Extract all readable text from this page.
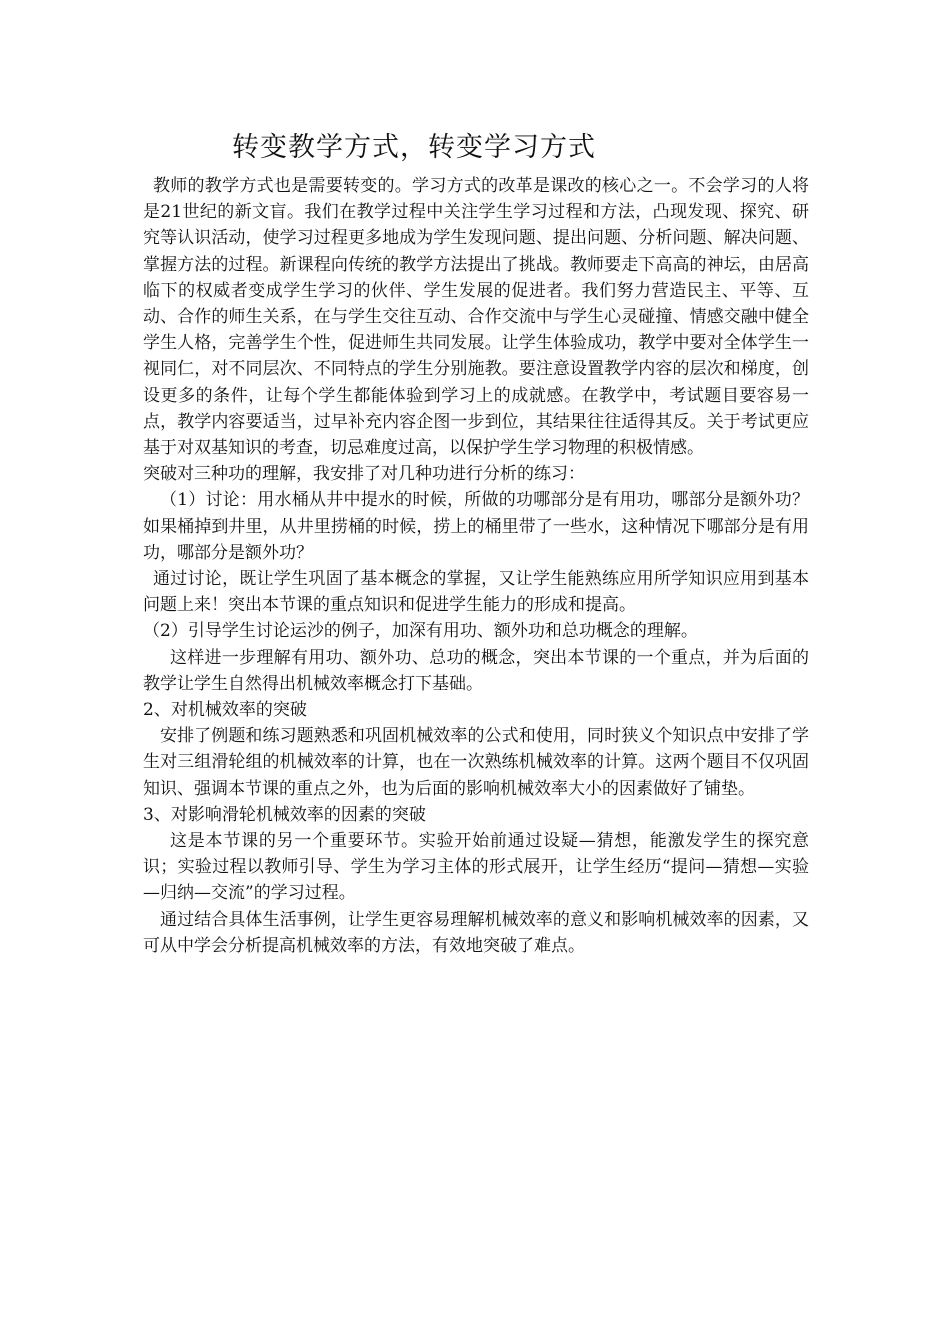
转变教学方式，转变学习方式

教师的教学方式也是需要转变的。学习方式的改革是课改的核心之一。不会学习的人将是21世纪的新文盲。我们在教学过程中关注学生学习过程和方法，凸现发现、探究、研究等认识活动，使学习过程更多地成为学生发现问题、提出问题、分析问题、解决问题、掌握方法的过程。新课程向传统的教学方法提出了挑战。教师要走下高高的神坛，由居高临下的权威者变成学生学习的伙伴、学生发展的促进者。我们努力营造民主、平等、互动、合作的师生关系，在与学生交往互动、合作交流中与学生心灵碰撞、情感交融中健全学生人格，完善学生个性，促进师生共同发展。让学生体验成功，教学中要对全体学生一视同仁，对不同层次、不同特点的学生分别施教。要注意设置教学内容的层次和梯度，创设更多的条件，让每个学生都能体验到学习上的成就感。在教学中，考试题目要容易一点，教学内容要适当，过早补充内容企图一步到位，其结果往往适得其反。关于考试更应基于对双基知识的考查，切忌难度过高，以保护学生学习物理的积极情感。

突破对三种功的理解，我安排了对几种功进行分析的练习：

（1）讨论：用水桶从井中提水的时候，所做的功哪部分是有用功，哪部分是额外功？如果桶掉到井里，从井里捞桶的时候，捞上的桶里带了一些水，这种情况下哪部分是有用功，哪部分是额外功？

通过讨论，既让学生巩固了基本概念的掌握，又让学生能熟练应用所学知识应用到基本问题上来！突出本节课的重点知识和促进学生能力的形成和提高。

（2）引导学生讨论运沙的例子，加深有用功、额外功和总功概念的理解。

这样进一步理解有用功、额外功、总功的概念，突出本节课的一个重点，并为后面的教学让学生自然得出机械效率概念打下基础。

2、对机械效率的突破

安排了例题和练习题熟悉和巩固机械效率的公式和使用，同时狭义个知识点中安排了学生对三组滑轮组的机械效率的计算，也在一次熟练机械效率的计算。这两个题目不仅巩固知识、强调本节课的重点之外，也为后面的影响机械效率大小的因素做好了铺垫。

3、对影响滑轮机械效率的因素的突破

这是本节课的另一个重要环节。实验开始前通过设疑—猜想，能激发学生的探究意识；实验过程以教师引导、学生为学习主体的形式展开，让学生经历“提问—猜想—实验—归纳—交流”的学习过程。

通过结合具体生活事例，让学生更容易理解机械效率的意义和影响机械效率的因素，又可从中学会分析提高机械效率的方法，有效地突破了难点。
